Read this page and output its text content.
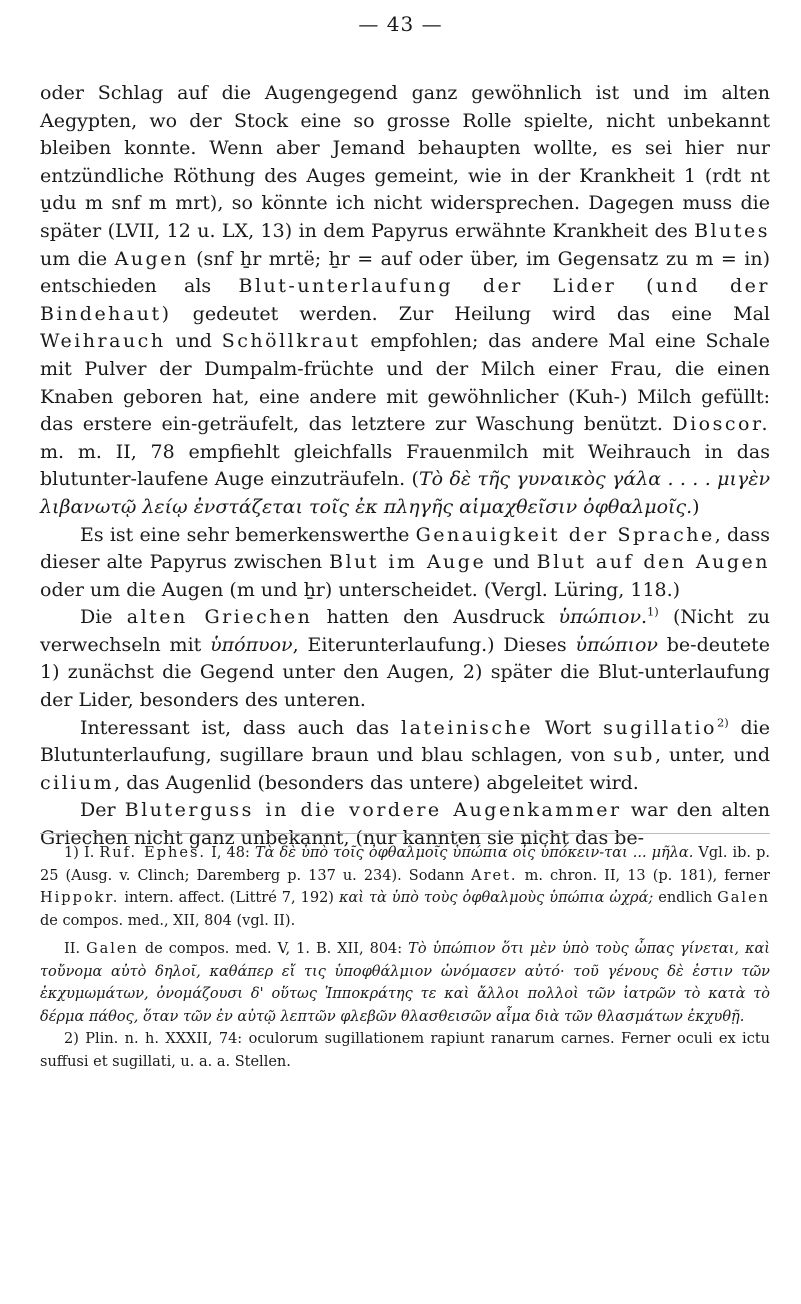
— 43 —

oder Schlag auf die Augengegend ganz gewöhnlich ist und im alten Aegypten, wo der Stock eine so grosse Rolle spielte, nicht unbekannt bleiben konnte. Wenn aber Jemand behaupten wollte, es sei hier nur entzündliche Röthung des Auges gemeint, wie in der Krankheit 1 (rdt nt u̱du m snf m mrt), so könnte ich nicht widersprechen. Dagegen muss die später (LVII, 12 u. LX, 13) in dem Papyrus erwähnte Krankheit des Blutes um die Augen (snf ẖr mrtë; ẖr = auf oder über, im Gegensatz zu m = in) entschieden als Blut-unterlaufung der Lider (und der Bindehaut) gedeutet werden. Zur Heilung wird das eine Mal Weihrauch und Schöllkraut empfohlen; das andere Mal eine Schale mit Pulver der Dumpalm-früchte und der Milch einer Frau, die einen Knaben geboren hat, eine andere mit gewöhnlicher (Kuh-) Milch gefüllt: das erstere ein-geträufelt, das letztere zur Waschung benützt. Dioscor. m. m. II, 78 empfiehlt gleichfalls Frauenmilch mit Weihrauch in das blutunter-laufene Auge einzuträufeln. (Τὸ δὲ τῆς γυναικὸς γάλα . . . . μιγὲν λιβανωτῷ λείῳ ἐνστάζεται τοῖς ἐκ πληγῆς αἱμαχθεῖσιν ὀφθαλμοῖς.)

Es ist eine sehr bemerkenswerthe Genauigkeit der Sprache, dass dieser alte Papyrus zwischen Blut im Auge und Blut auf den Augen oder um die Augen (m und ẖr) unterscheidet. (Vergl. Lüring, 118.)

Die alten Griechen hatten den Ausdruck ὑπώπιον.$^{1)}$ (Nicht zu verwechseln mit ὑπόπυον, Eiterunterlaufung.) Dieses ὑπώπιον be-deutete 1) zunächst die Gegend unter den Augen, 2) später die Blut-unterlaufung der Lider, besonders des unteren.

Interessant ist, dass auch das lateinische Wort sugillatio$^{2)}$ die Blutunterlaufung, sugillare braun und blau schlagen, von sub, unter, und cilium, das Augenlid (besonders das untere) abgeleitet wird.

Der Bluterguss in die vordere Augenkammer war den alten Griechen nicht ganz unbekannt, (nur kannten sie nicht das be-

1) I. Ruf. Ephes. I, 48: Τὰ δὲ ὑπὸ τοῖς ὀφθαλμοῖς ὑπώπια οἷς ὑπόκειν-ται ... μῆλα. Vgl. ib. p. 25 (Ausg. v. Clinch; Daremberg p. 137 u. 234). Sodann Aret. m. chron. II, 13 (p. 181), ferner Hippokr. intern. affect. (Littré 7, 192) καὶ τὰ ὑπὸ τοὺς ὀφθαλμοὺς ὑπώπια ὠχρά; endlich Galen de compos. med., XII, 804 (vgl. II).

II. Galen de compos. med. V, 1. B. XII, 804: Τὸ ὑπώπιον ὅτι μὲν ὑπὸ τοὺς ὦπας γίνεται, καὶ τοὔνομα αὐτὸ δηλοῖ, καθάπερ εἴ τις ὑποφθάλμιον ὠνόμασεν αὐτό· τοῦ γένους δὲ ἐστιν τῶν ἐκχυμωμάτων, ὀνομάζουσι δ' οὕτως Ἱπποκράτης τε καὶ ἄλλοι πολλοὶ τῶν ἰατρῶν τὸ κατὰ τὸ δέρμα πάθος, ὅταν τῶν ἐν αὐτῷ λεπτῶν φλεβῶν θλασθεισῶν αἷμα διὰ τῶν θλασμάτων ἐκχυθῇ.

2) Plin. n. h. XXXII, 74: oculorum sugillationem rapiunt ranarum carnes. Ferner oculi ex ictu suffusi et sugillati, u. a. a. Stellen.
